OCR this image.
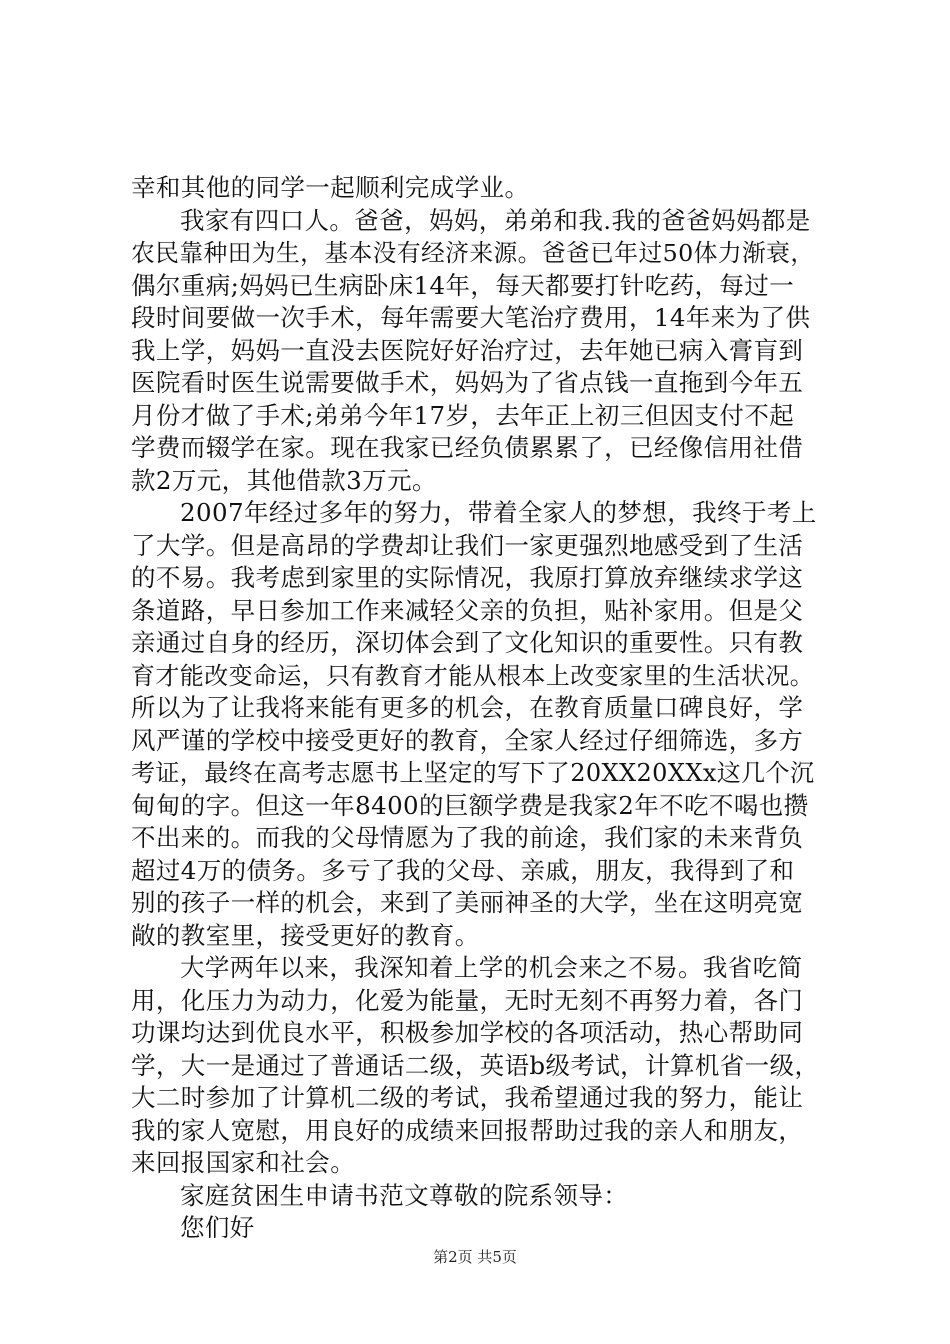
幸和其他的同学一起顺利完成学业。
我家有四口人。爸爸，妈妈，弟弟和我.我的爸爸妈妈都是
农民靠种田为生，基本没有经济来源。爸爸已年过50体力渐衰，
偶尔重病;妈妈已生病卧床14年，每天都要打针吃药，每过一
段时间要做一次手术，每年需要大笔治疗费用，14年来为了供
我上学，妈妈一直没去医院好好治疗过，去年她已病入膏肓到
医院看时医生说需要做手术，妈妈为了省点钱一直拖到今年五
月份才做了手术;弟弟今年17岁，去年正上初三但因支付不起
学费而辍学在家。现在我家已经负债累累了，已经像信用社借
款2万元，其他借款3万元。
2007年经过多年的努力，带着全家人的梦想，我终于考上
了大学。但是高昂的学费却让我们一家更强烈地感受到了生活
的不易。我考虑到家里的实际情况，我原打算放弃继续求学这
条道路，早日参加工作来减轻父亲的负担，贴补家用。但是父
亲通过自身的经历，深切体会到了文化知识的重要性。只有教
育才能改变命运，只有教育才能从根本上改变家里的生活状况。
所以为了让我将来能有更多的机会，在教育质量口碑良好，学
风严谨的学校中接受更好的教育，全家人经过仔细筛选，多方
考证，最终在高考志愿书上坚定的写下了20XX20XXx这几个沉
甸甸的字。但这一年8400的巨额学费是我家2年不吃不喝也攒
不出来的。而我的父母情愿为了我的前途，我们家的未来背负
超过4万的债务。多亏了我的父母、亲戚，朋友，我得到了和
别的孩子一样的机会，来到了美丽神圣的大学，坐在这明亮宽
敞的教室里，接受更好的教育。
大学两年以来，我深知着上学的机会来之不易。我省吃简
用，化压力为动力，化爱为能量，无时无刻不再努力着，各门
功课均达到优良水平，积极参加学校的各项活动，热心帮助同
学，大一是通过了普通话二级，英语b级考试，计算机省一级，
大二时参加了计算机二级的考试，我希望通过我的努力，能让
我的家人宽慰，用良好的成绩来回报帮助过我的亲人和朋友，
来回报国家和社会。
家庭贫困生申请书范文尊敬的院系领导：
您们好
第2页 共5页
